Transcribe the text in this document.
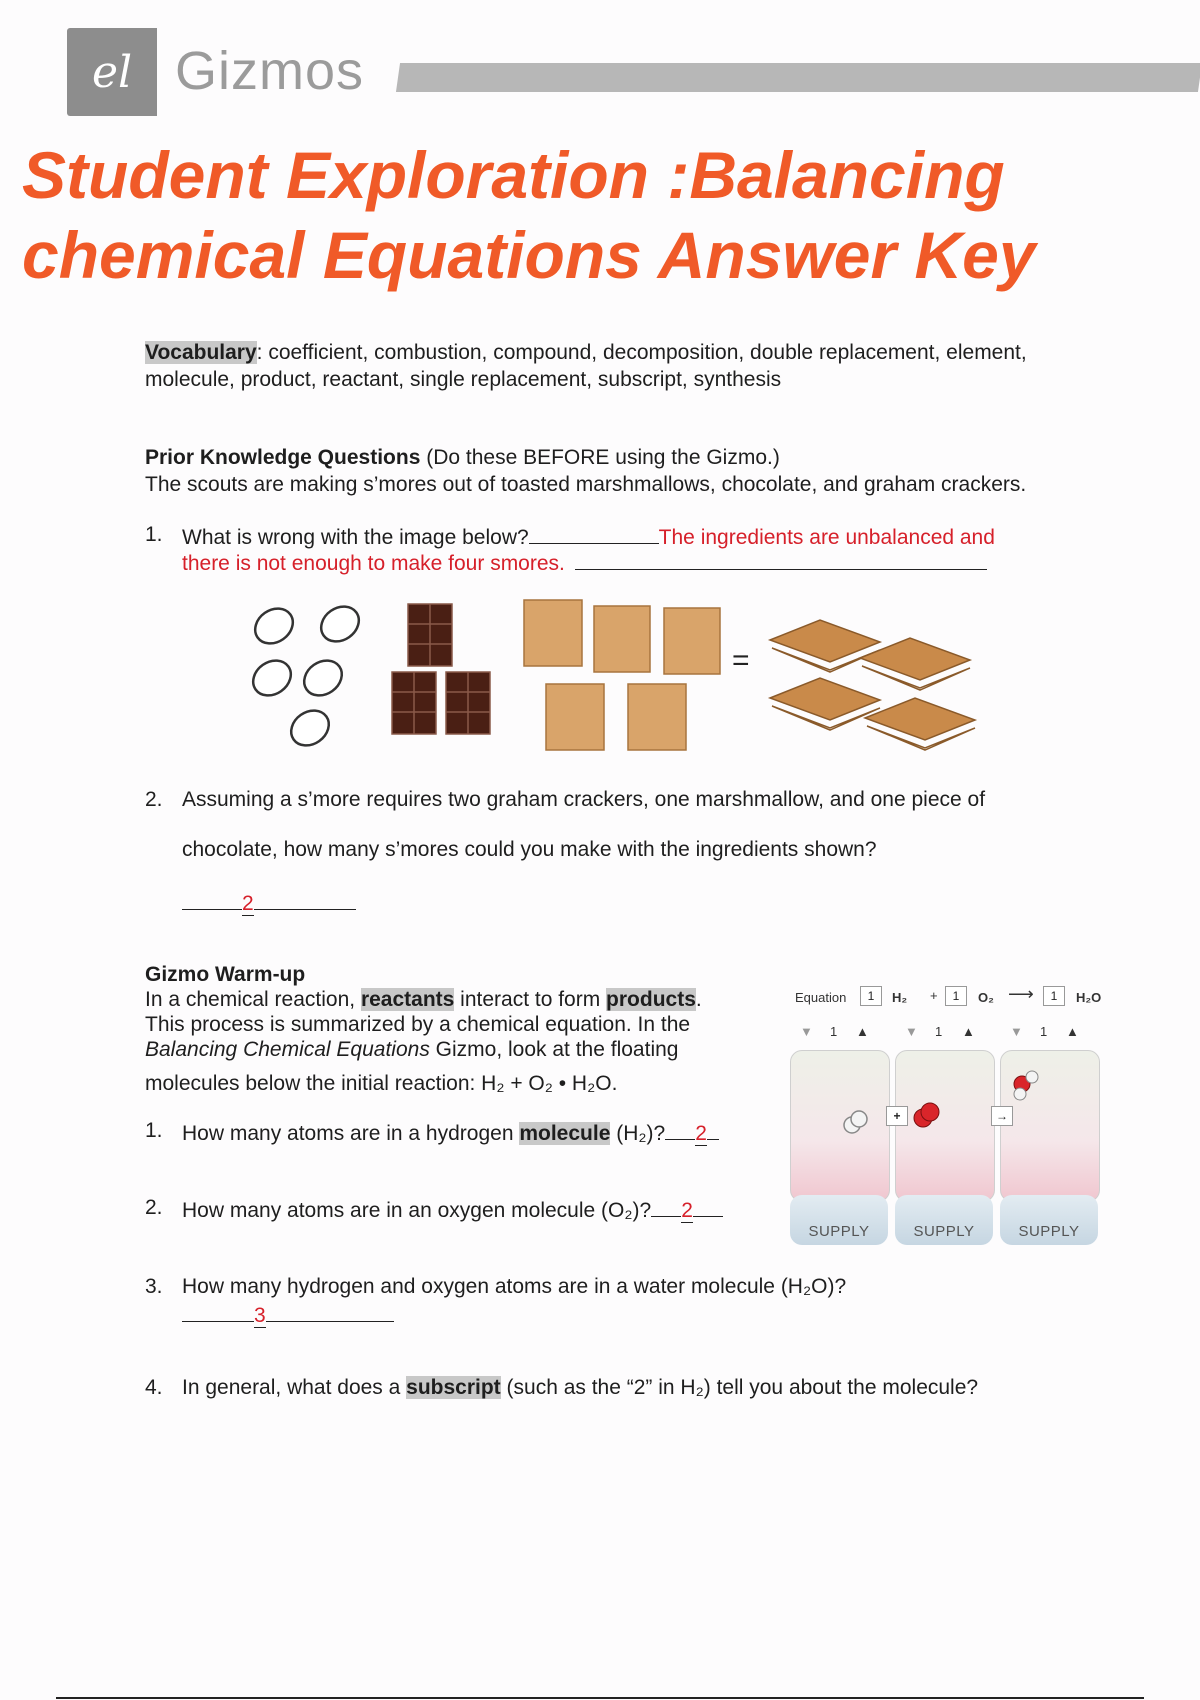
el Gizmos
Student Exploration :Balancing chemical Equations Answer Key
Vocabulary: coefficient, combustion, compound, decomposition, double replacement, element,
molecule, product, reactant, single replacement, subscript, synthesis
Prior Knowledge Questions (Do these BEFORE using the Gizmo.)
The scouts are making s’mores out of toasted marshmallows, chocolate, and graham crackers.
1. What is wrong with the image below?	The ingredients are unbalanced and
there is not enough to make four smores.
=
2. Assuming a s’more requires two graham crackers, one marshmallow, and one piece of
chocolate, how many s’mores could you make with the ingredients shown?
2
Gizmo Warm-up
In a chemical reaction, reactants interact to form products.
This process is summarized by a chemical equation. In the
Balancing Chemical Equations Gizmo, look at the floating
molecules below the initial reaction: H₂ + O₂ • H₂O.
1. How many atoms are in a hydrogen molecule (H₂)? 2
2. How many atoms are in an oxygen molecule (O₂)? 2
3. How many hydrogen and oxygen atoms are in a water molecule (H₂O)?
3
4. In general, what does a subscript (such as the “2” in H₂) tell you about the molecule?
Equation	1	H₂ +	1	O₂ ⟶	1	H₂O
▼ 1 ▲	▼ 1 ▲	▼ 1 ▲
+	→
SUPPLY	SUPPLY	SUPPLY
